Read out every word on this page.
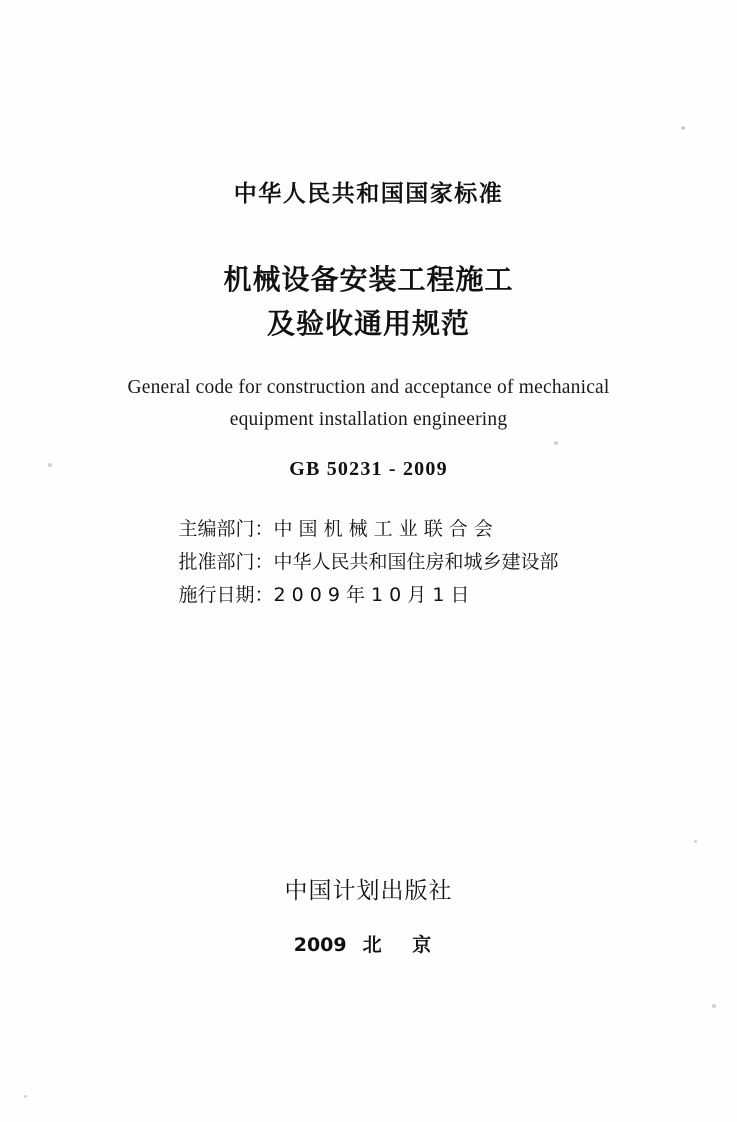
中华人民共和国国家标准
机械设备安装工程施工
及验收通用规范
General code for construction and acceptance of mechanical
equipment installation engineering
GB 50231 - 2009
主编部门：中 国 机 械 工 业 联 合 会
批准部门：中华人民共和国住房和城乡建设部
施行日期：2 0 0 9 年 1 0 月 1 日
中国计划出版社
2009 北 京
